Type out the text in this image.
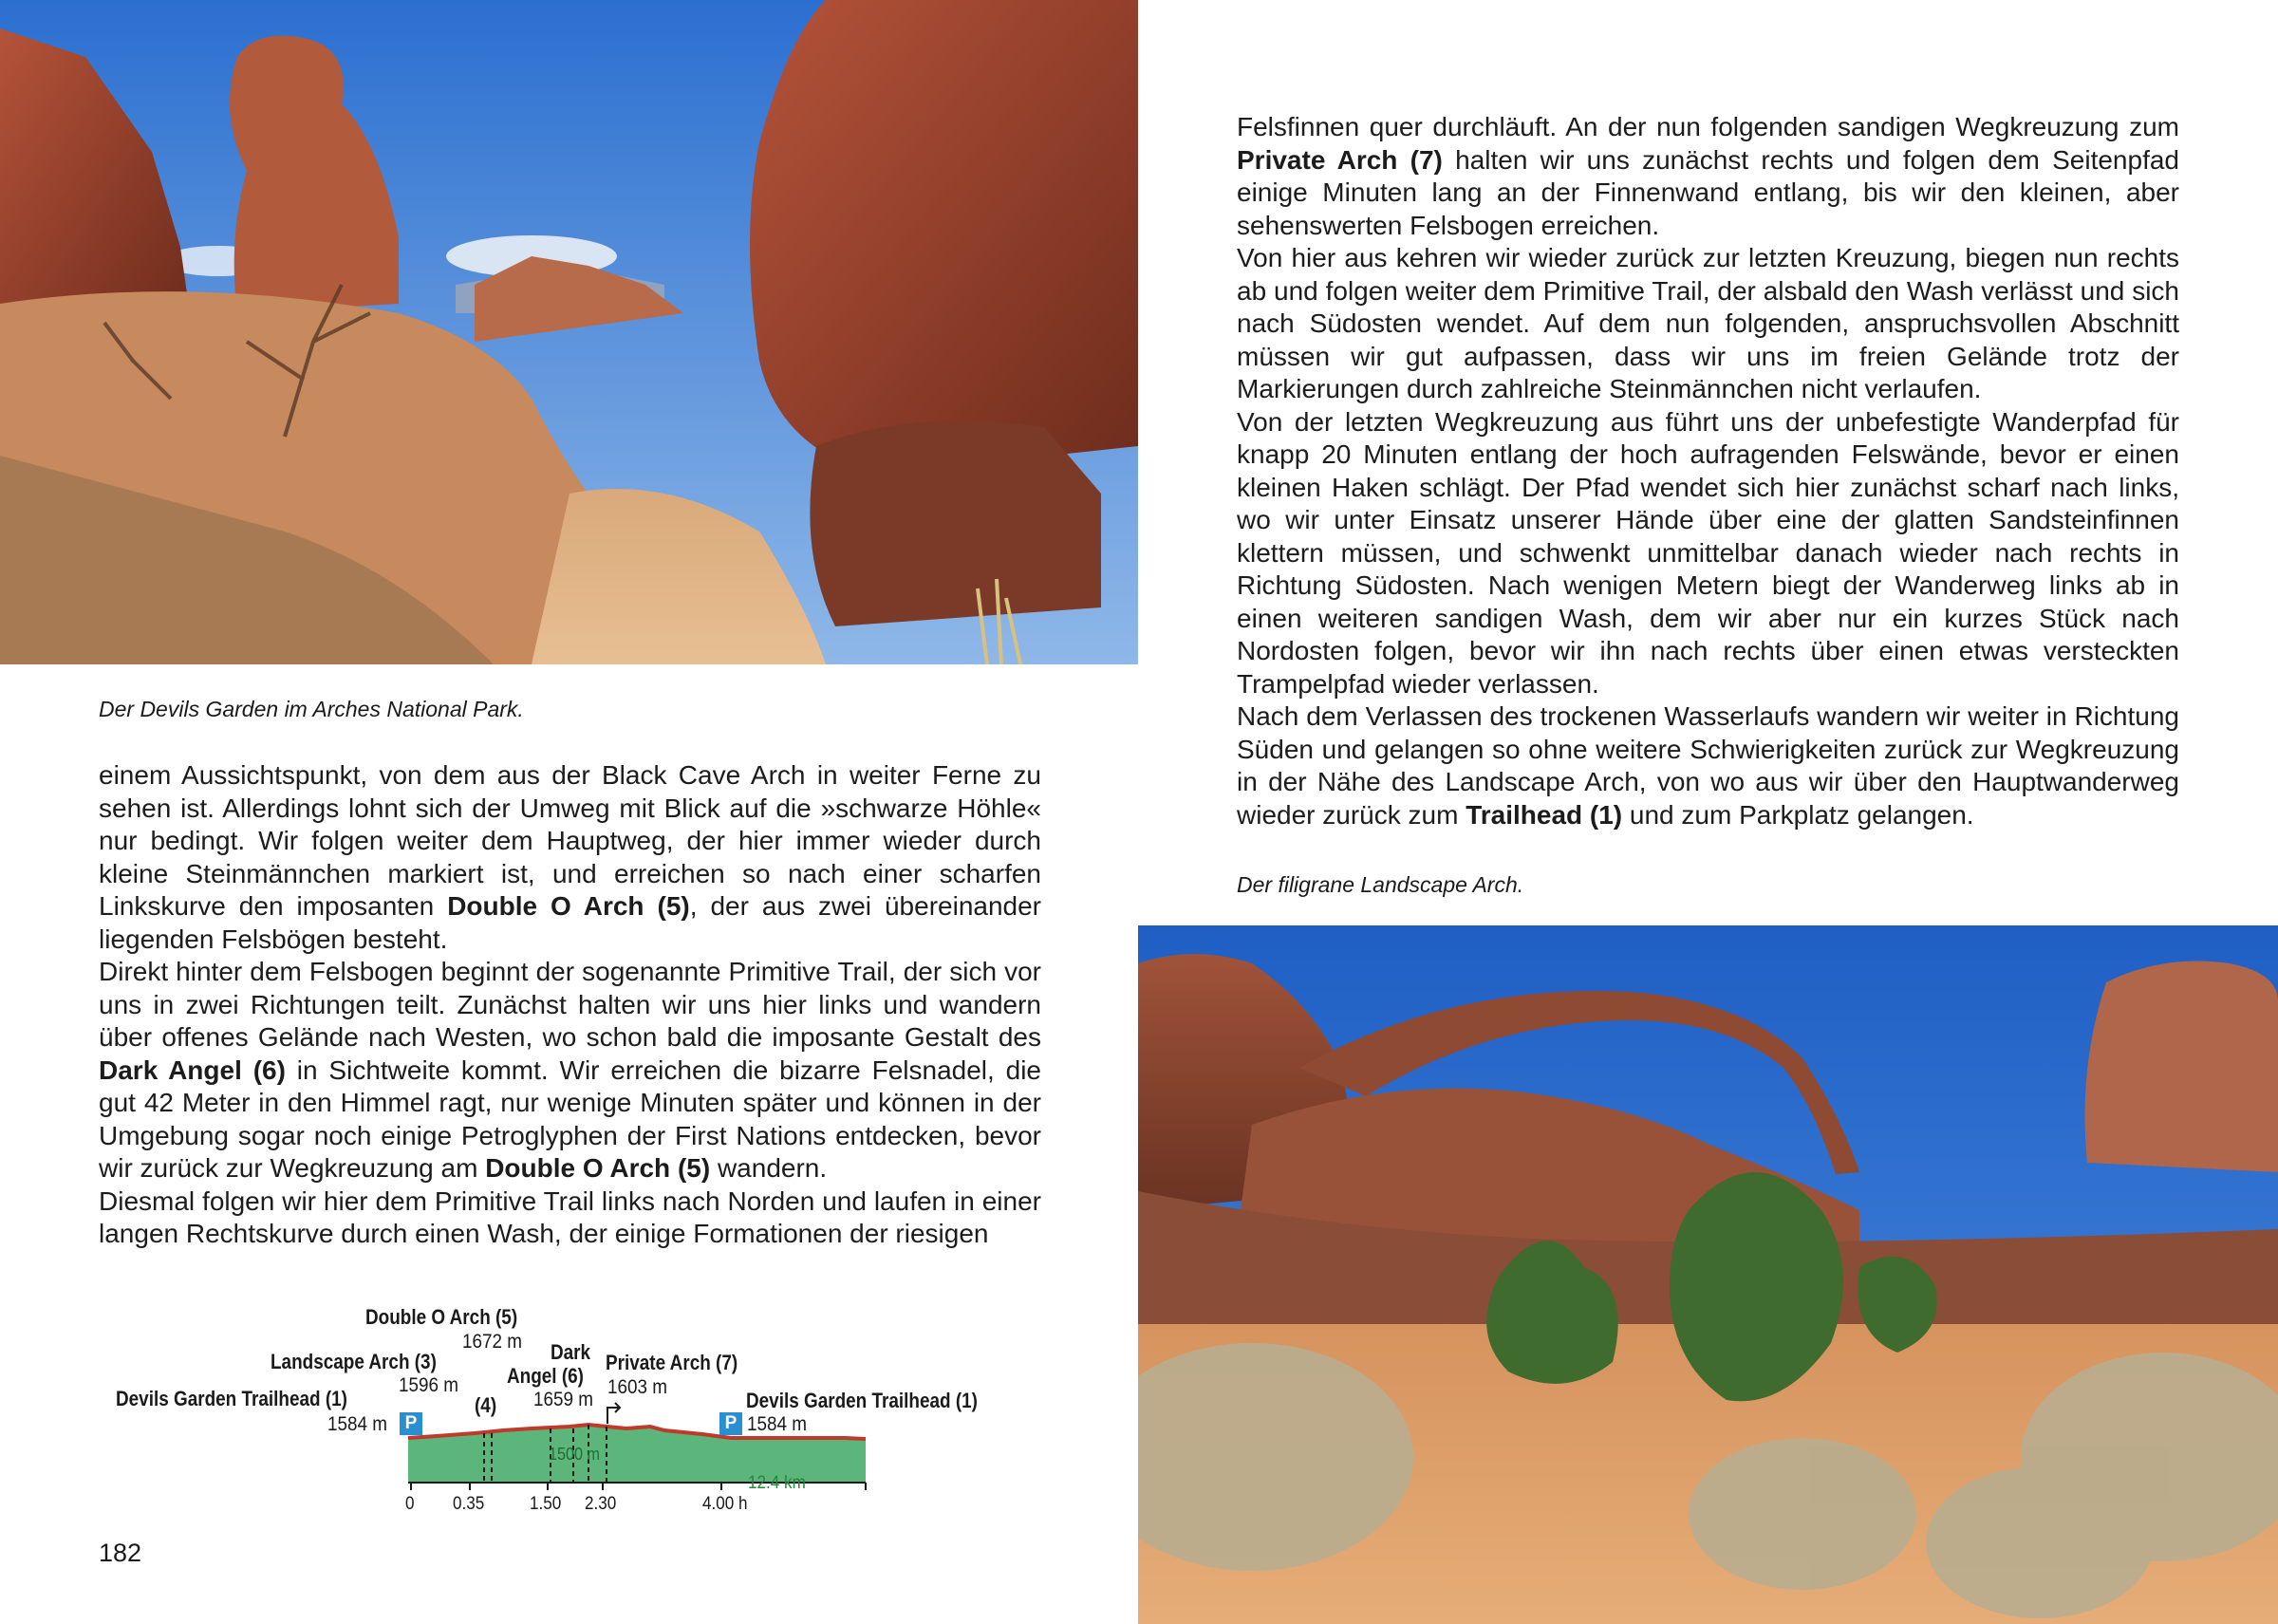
Der Devils Garden im Arches National Park.

einem Aussichtspunkt, von dem aus der Black Cave Arch in weiter Ferne zu sehen ist. Allerdings lohnt sich der Umweg mit Blick auf die »schwarze Höhle« nur bedingt. Wir folgen weiter dem Hauptweg, der hier immer wieder durch kleine Steinmännchen markiert ist, und erreichen so nach einer scharfen Linkskurve den imposanten Double O Arch (5), der aus zwei übereinander liegenden Felsbögen besteht.

Direkt hinter dem Felsbogen beginnt der sogenannte Primitive Trail, der sich vor uns in zwei Richtungen teilt. Zunächst halten wir uns hier links und wandern über offenes Gelände nach Westen, wo schon bald die imposante Gestalt des Dark Angel (6) in Sichtweite kommt. Wir erreichen die bizarre Felsnadel, die gut 42 Meter in den Himmel ragt, nur wenige Minuten später und können in der Umgebung sogar noch einige Petroglyphen der First Nations entdecken, bevor wir zurück zur Wegkreuzung am Double O Arch (5) wandern.

Diesmal folgen wir hier dem Primitive Trail links nach Norden und laufen in einer langen Rechtskurve durch einen Wash, der einige Formationen der riesigen

Double O Arch (5)
1672 m Dark
Angel (6)
1659 m
Landscape Arch (3)
1596 m
Private Arch (7)
1603 m
Devils Garden Trailhead (1)
1584 m
Devils Garden Trailhead (1)
1584 m
(4)
1500 m
12.4 km
P	P
0 0.35	1.50 2.30	4.00 h
182

Felsfinnen quer durchläuft. An der nun folgenden sandigen Wegkreuzung zum Private Arch (7) halten wir uns zunächst rechts und folgen dem Seitenpfad einige Minuten lang an der Finnenwand entlang, bis wir den kleinen, aber sehenswerten Felsbogen erreichen.

Von hier aus kehren wir wieder zurück zur letzten Kreuzung, biegen nun rechts ab und folgen weiter dem Primitive Trail, der alsbald den Wash verlässt und sich nach Südosten wendet. Auf dem nun folgenden, anspruchsvollen Abschnitt müssen wir gut aufpassen, dass wir uns im freien Gelände trotz der Markierungen durch zahlreiche Steinmännchen nicht verlaufen.

Von der letzten Wegkreuzung aus führt uns der unbefestigte Wanderpfad für knapp 20 Minuten entlang der hoch aufragenden Felswände, bevor er einen kleinen Haken schlägt. Der Pfad wendet sich hier zunächst scharf nach links, wo wir unter Einsatz unserer Hände über eine der glatten Sandsteinfinnen klettern müssen, und schwenkt unmittelbar danach wieder nach rechts in Richtung Südosten. Nach wenigen Metern biegt der Wanderweg links ab in einen weiteren sandigen Wash, dem wir aber nur ein kurzes Stück nach Nordosten folgen, bevor wir ihn nach rechts über einen etwas versteckten Trampelpfad wieder verlassen.

Nach dem Verlassen des trockenen Wasserlaufs wandern wir weiter in Richtung Süden und gelangen so ohne weitere Schwierigkeiten zurück zur Wegkreuzung in der Nähe des Landscape Arch, von wo aus wir über den Hauptwanderweg wieder zurück zum Trailhead (1) und zum Parkplatz gelangen.

Der filigrane Landscape Arch.
